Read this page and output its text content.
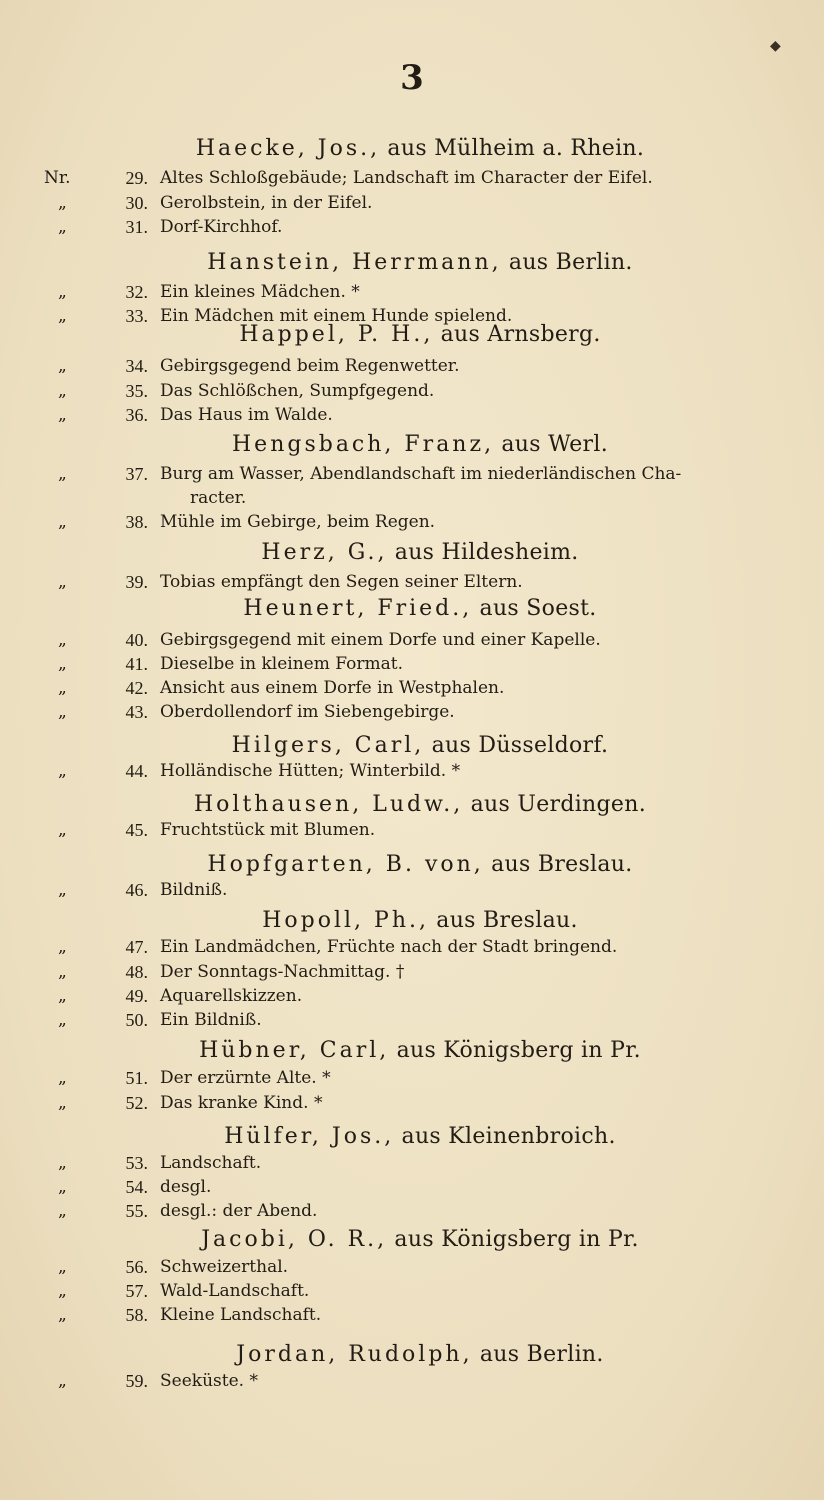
3
◆
Haecke, Jos., aus Mülheim a. Rhein.
Nr.	29. Altes Schloßgebäude; Landschaft im Character der Eifel.
„	30. Gerolbstein, in der Eifel.
„	31. Dorf-Kirchhof.
Hanstein, Herrmann, aus Berlin.
„	32. Ein kleines Mädchen. *
„	33. Ein Mädchen mit einem Hunde spielend.
Happel, P. H., aus Arnsberg.
„	34. Gebirgsgegend beim Regenwetter.
„	35. Das Schlößchen, Sumpfgegend.
„	36. Das Haus im Walde.
Hengsbach, Franz, aus Werl.
„	37. Burg am Wasser, Abendlandschaft im niederländischen Cha-
racter.
„	38. Mühle im Gebirge, beim Regen.
Herz, G., aus Hildesheim.
„	39. Tobias empfängt den Segen seiner Eltern.
Heunert, Fried., aus Soest.
„	40. Gebirgsgegend mit einem Dorfe und einer Kapelle.
„	41. Dieselbe in kleinem Format.
„	42. Ansicht aus einem Dorfe in Westphalen.
„	43. Oberdollendorf im Siebengebirge.
Hilgers, Carl, aus Düsseldorf.
„	44. Holländische Hütten; Winterbild. *
Holthausen, Ludw., aus Uerdingen.
„	45. Fruchtstück mit Blumen.
Hopfgarten, B. von, aus Breslau.
„	46. Bildniß.
Hopoll, Ph., aus Breslau.
„	47. Ein Landmädchen, Früchte nach der Stadt bringend.
„	48. Der Sonntags-Nachmittag. †
„	49. Aquarellskizzen.
„	50. Ein Bildniß.
Hübner, Carl, aus Königsberg in Pr.
„	51. Der erzürnte Alte. *
„	52. Das kranke Kind. *
Hülfer, Jos., aus Kleinenbroich.
„	53. Landschaft.
„	54. desgl.
„	55. desgl.: der Abend.
Jacobi, O. R., aus Königsberg in Pr.
„	56. Schweizerthal.
„	57. Wald-Landschaft.
„	58. Kleine Landschaft.
Jordan, Rudolph, aus Berlin.
„	59. Seeküste. *
